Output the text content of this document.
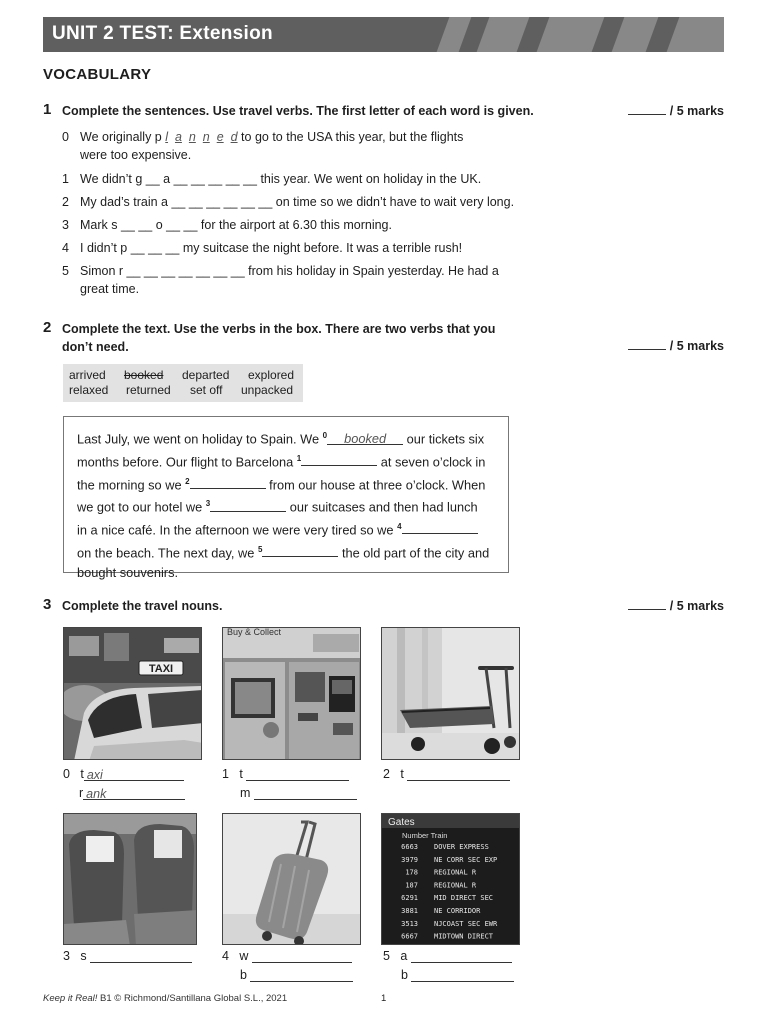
UNIT 2 TEST: Extension
VOCABULARY
1 Complete the sentences. Use travel verbs. The first letter of each word is given.	/ 5 marks
0 We originally p l a n n e d to go to the USA this year, but the flights
were too expensive.
1 We didn’t g __ a __ __ __ __ __ this year. We went on holiday in the UK.
2 My dad’s train a __ __ __ __ __ __ on time so we didn’t have to wait very long.
3 Mark s __ __ o __ __ for the airport at 6.30 this morning.
4 I didn’t p __ __ __ my suitcase the night before. It was a terrible rush!
5 Simon r __ __ __ __ __ __ __ from his holiday in Spain yesterday. He had a
great time.
2 Complete the text. Use the verbs in the box. There are two verbs that you
don’t need.	/ 5 marks
arrived booked departed explored
relaxed returned set off unpacked
Last July, we went on holiday to Spain. We $^0$ booked our tickets six
months before. Our flight to Barcelona $^1$	at seven o’clock in
the morning so we $^2$	from our house at three o’clock. When
we got to our hotel we $^3$	our suitcases and then had lunch
in a nice café. In the afternoon we were very tired so we $^4$
on the beach. The next day, we $^5$	the old part of the city and
bought souvenirs.
3 Complete the travel nouns.	/ 5 marks
TAXI
Buy & Collect
0 t axi
r ank
1 t
m
2 t
Gates
Number Train
6663 DOVER EXPRESS
3979 NE CORR SEC EXP
178 REGIONAL R
187 REGIONAL R
6291 MID DIRECT SEC
3881 NE CORRIDOR
3513 NJCOAST SEC EWR
6667 MIDTOWN DIRECT
3 s	4 w
b
5 a
b
Keep it Real! B1 © Richmond/Santillana Global S.L., 2021	1
